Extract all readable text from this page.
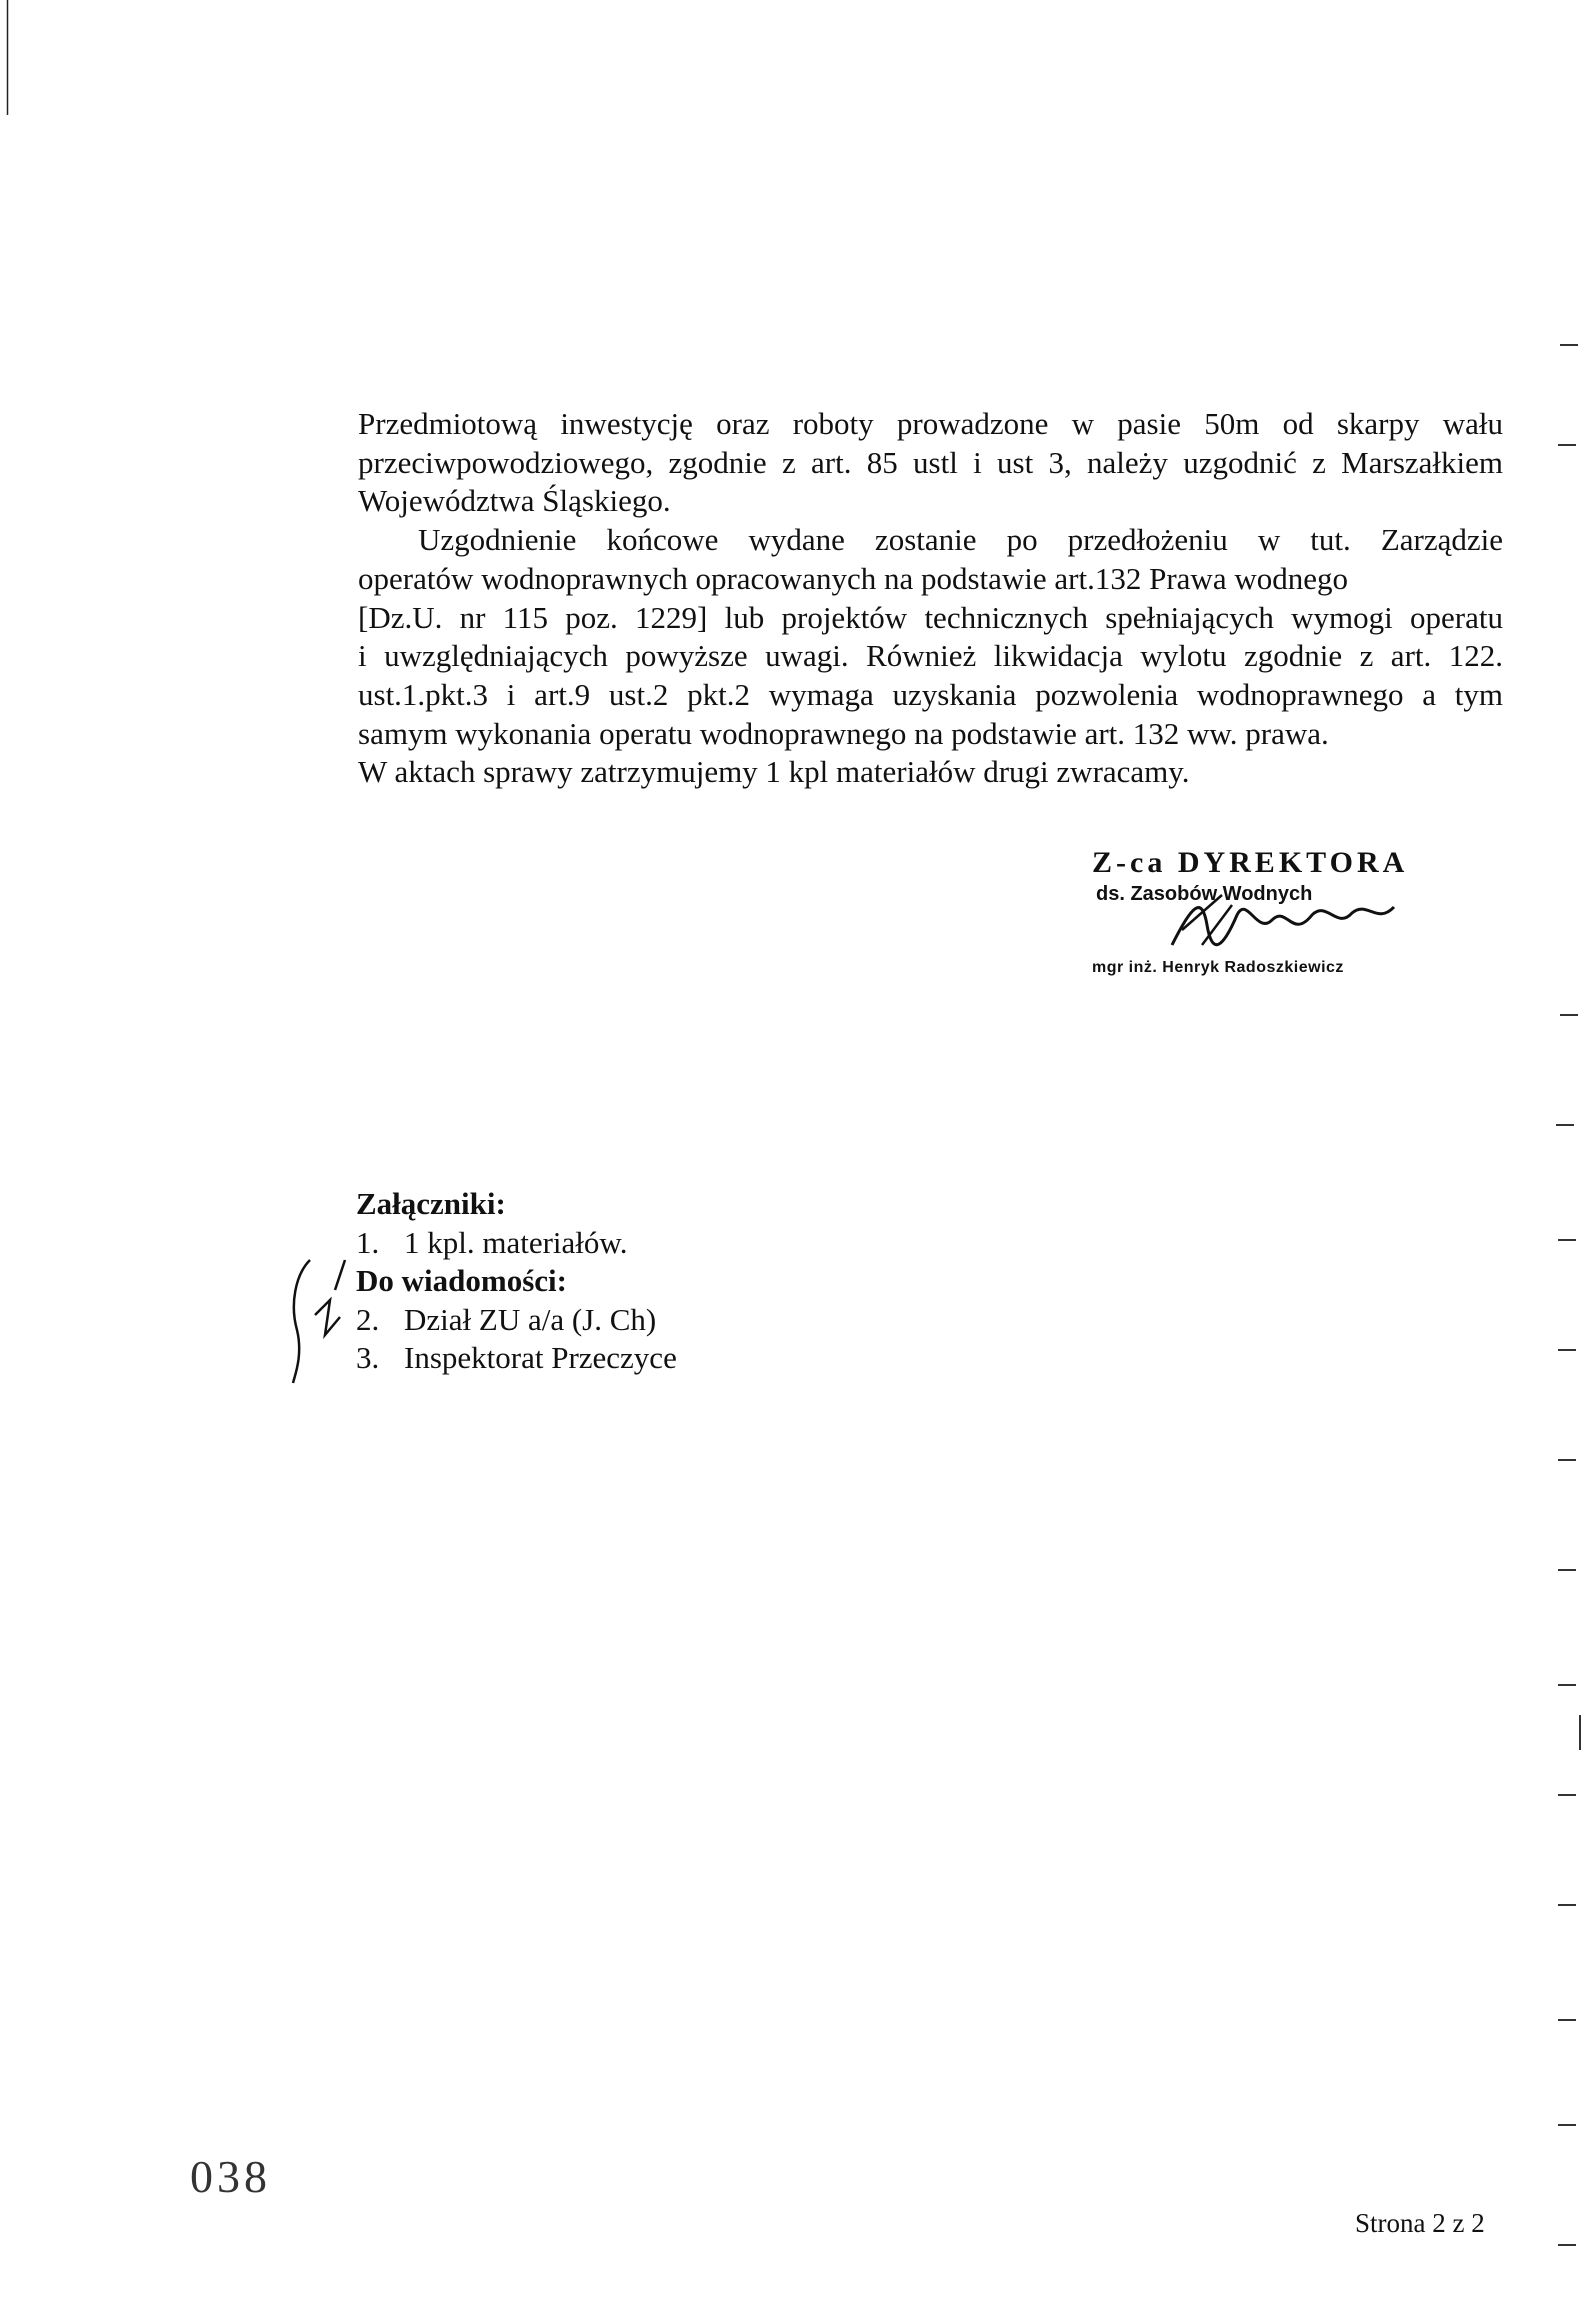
Przedmiotową inwestycję oraz roboty prowadzone w pasie 50m od skarpy wału
przeciwpowodziowego, zgodnie z art. 85 ustl i ust 3, należy uzgodnić z Marszałkiem
Województwa Śląskiego.
Uzgodnienie końcowe wydane zostanie po przedłożeniu w tut. Zarządzie
operatów wodnoprawnych opracowanych na podstawie art.132 Prawa wodnego
[Dz.U. nr 115 poz. 1229] lub projektów technicznych spełniających wymogi operatu
i uwzględniających powyższe uwagi. Również likwidacja wylotu zgodnie z art. 122.
ust.1.pkt.3 i art.9 ust.2 pkt.2 wymaga uzyskania pozwolenia wodnoprawnego a tym
samym wykonania operatu wodnoprawnego na podstawie art. 132 ww. prawa.
W aktach sprawy zatrzymujemy 1 kpl materiałów drugi zwracamy.
Z-ca DYREKTORA
ds. Zasobów Wodnych
mgr inż. Henryk Radoszkiewicz
Załączniki:
1. 1 kpl. materiałów.
Do wiadomości:
2. Dział ZU a/a (J. Ch)
3. Inspektorat Przeczyce
038
Strona 2 z 2
